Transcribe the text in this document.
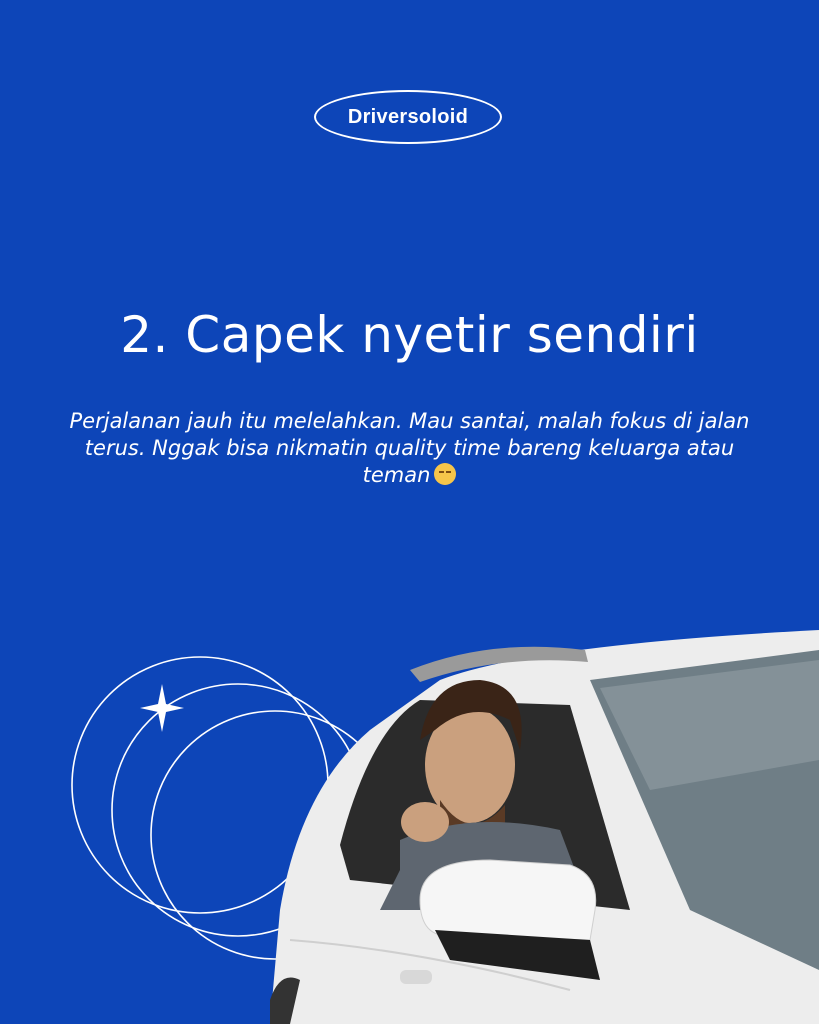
Driversoloid
2. Capek nyetir sendiri
Perjalanan jauh itu melelahkan. Mau santai, malah fokus di jalan terus. Nggak bisa nikmatin quality time bareng keluarga atau teman
